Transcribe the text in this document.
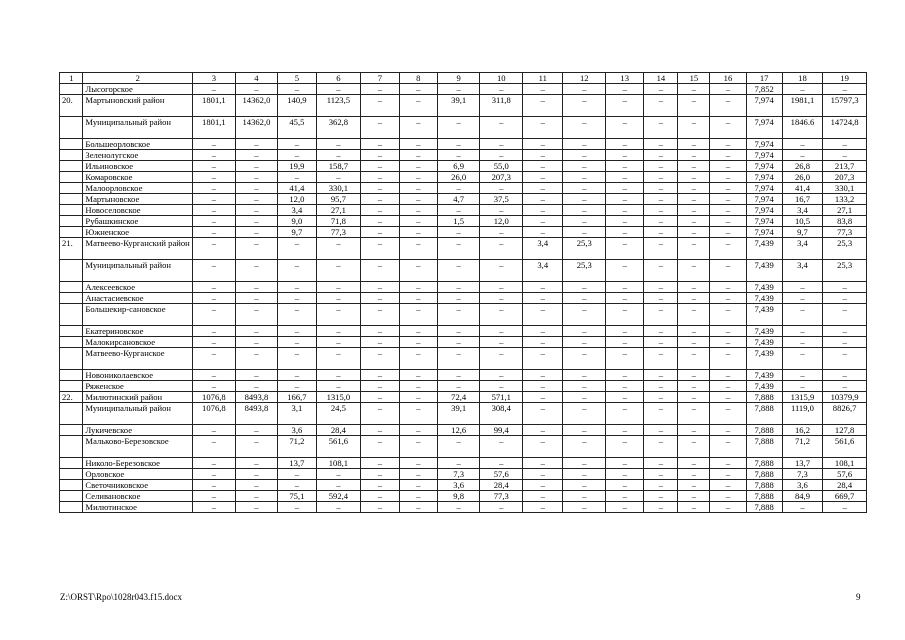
1	2	3	4	5	6	7	8	9	10	11	12	13	14	15	16	17	18	19
	Лысогорское	–	–	–	–	–	–	–	–	–	–	–	–	–	–	7,852	–	–
20.	Мартыновский район	1801,1	14362,0	140,9	1123,5	–	–	39,1	311,8	–	–	–	–	–	–	7,974	1981,1	15797,3
	Муниципальный район	1801,1	14362,0	45,5	362,8	–	–	–	–	–	–	–	–	–	–	7,974	1846.6	14724,8
	Большеорловское	–	–	–	–	–	–	–	–	–	–	–	–	–	–	7,974	–	–
	Зеленолугское	–	–	–	–	–	–	–	–	–	–	–	–	–	–	7,974	–	–
	Ильиновское	–	–	19,9	158,7	–	–	6,9	55,0	–	–	–	–	–	–	7,974	26,8	213,7
	Комаровское	–	–	–	–	–	–	26,0	207,3	–	–	–	–	–	–	7,974	26,0	207,3
	Малоорловское	–	–	41,4	330,1	–	–	–	–	–	–	–	–	–	–	7,974	41,4	330,1
	Мартыновское	–	–	12,0	95,7	–	–	4,7	37,5	–	–	–	–	–	–	7,974	16,7	133,2
	Новоселовское	–	–	3,4	27,1	–	–	–	–	–	–	–	–	–	–	7,974	3,4	27,1
	Рубашкинское	–	–	9,0	71,8	–	–	1,5	12,0	–	–	–	–	–	–	7,974	10,5	83,8
	Южненское	–	–	9,7	77,3	–	–	–	–	–	–	–	–	–	–	7,974	9,7	77,3
21.	Матвеево-Курганский район	–	–	–	–	–	–	–	–	3,4	25,3	–	–	–	–	7,439	3,4	25,3
	Муниципальный район	–	–	–	–	–	–	–	–	3,4	25,3	–	–	–	–	7,439	3,4	25,3
	Алексеевское	–	–	–	–	–	–	–	–	–	–	–	–	–	–	7,439	–	–
	Анастасиевское	–	–	–	–	–	–	–	–	–	–	–	–	–	–	7,439	–	–
	Большекир-сановское	–	–	–	–	–	–	–	–	–	–	–	–	–	–	7,439	–	–
	Екатериновское	–	–	–	–	–	–	–	–	–	–	–	–	–	–	7,439	–	–
	Малокирсановское	–	–	–	–	–	–	–	–	–	–	–	–	–	–	7,439	–	–
	Матвеево-Курганское	–	–	–	–	–	–	–	–	–	–	–	–	–	–	7,439	–	–
	Новониколаевское	–	–	–	–	–	–	–	–	–	–	–	–	–	–	7,439	–	–
	Ряженское	–	–	–	–	–	–	–	–	–	–	–	–	–	–	7,439	–	–
22.	Милютинский район	1076,8	8493,8	166,7	1315,0	–	–	72,4	571,1	–	–	–	–	–	–	7,888	1315,9	10379,9
	Муниципальный район	1076,8	8493,8	3,1	24,5	–	–	39,1	308,4	–	–	–	–	–	–	7,888	1119,0	8826,7
	Лукичевское	–	–	3,6	28,4	–	–	12,6	99,4	–	–	–	–	–	–	7,888	16,2	127,8
	Мальково-Березовское	–	–	71,2	561,6	–	–	–	–	–	–	–	–	–	–	7,888	71,2	561,6
	Николо-Березовское	–	–	13,7	108,1	–	–	–	–	–	–	–	–	–	–	7,888	13,7	108,1
	Орловское	–	–	–	–	–	–	7,3	57,6	–	–	–	–	–	–	7,888	7,3	57,6
	Светочниковское	–	–	–	–	–	–	3,6	28,4	–	–	–	–	–	–	7,888	3,6	28,4
	Селивановское	–	–	75,1	592,4	–	–	9,8	77,3	–	–	–	–	–	–	7,888	84,9	669,7
	Милютинское	–	–	–	–	–	–	–	–	–	–	–	–	–	–	7,888	–	–
Z:\ORST\Rpo\1028r043.f15.docx	9
